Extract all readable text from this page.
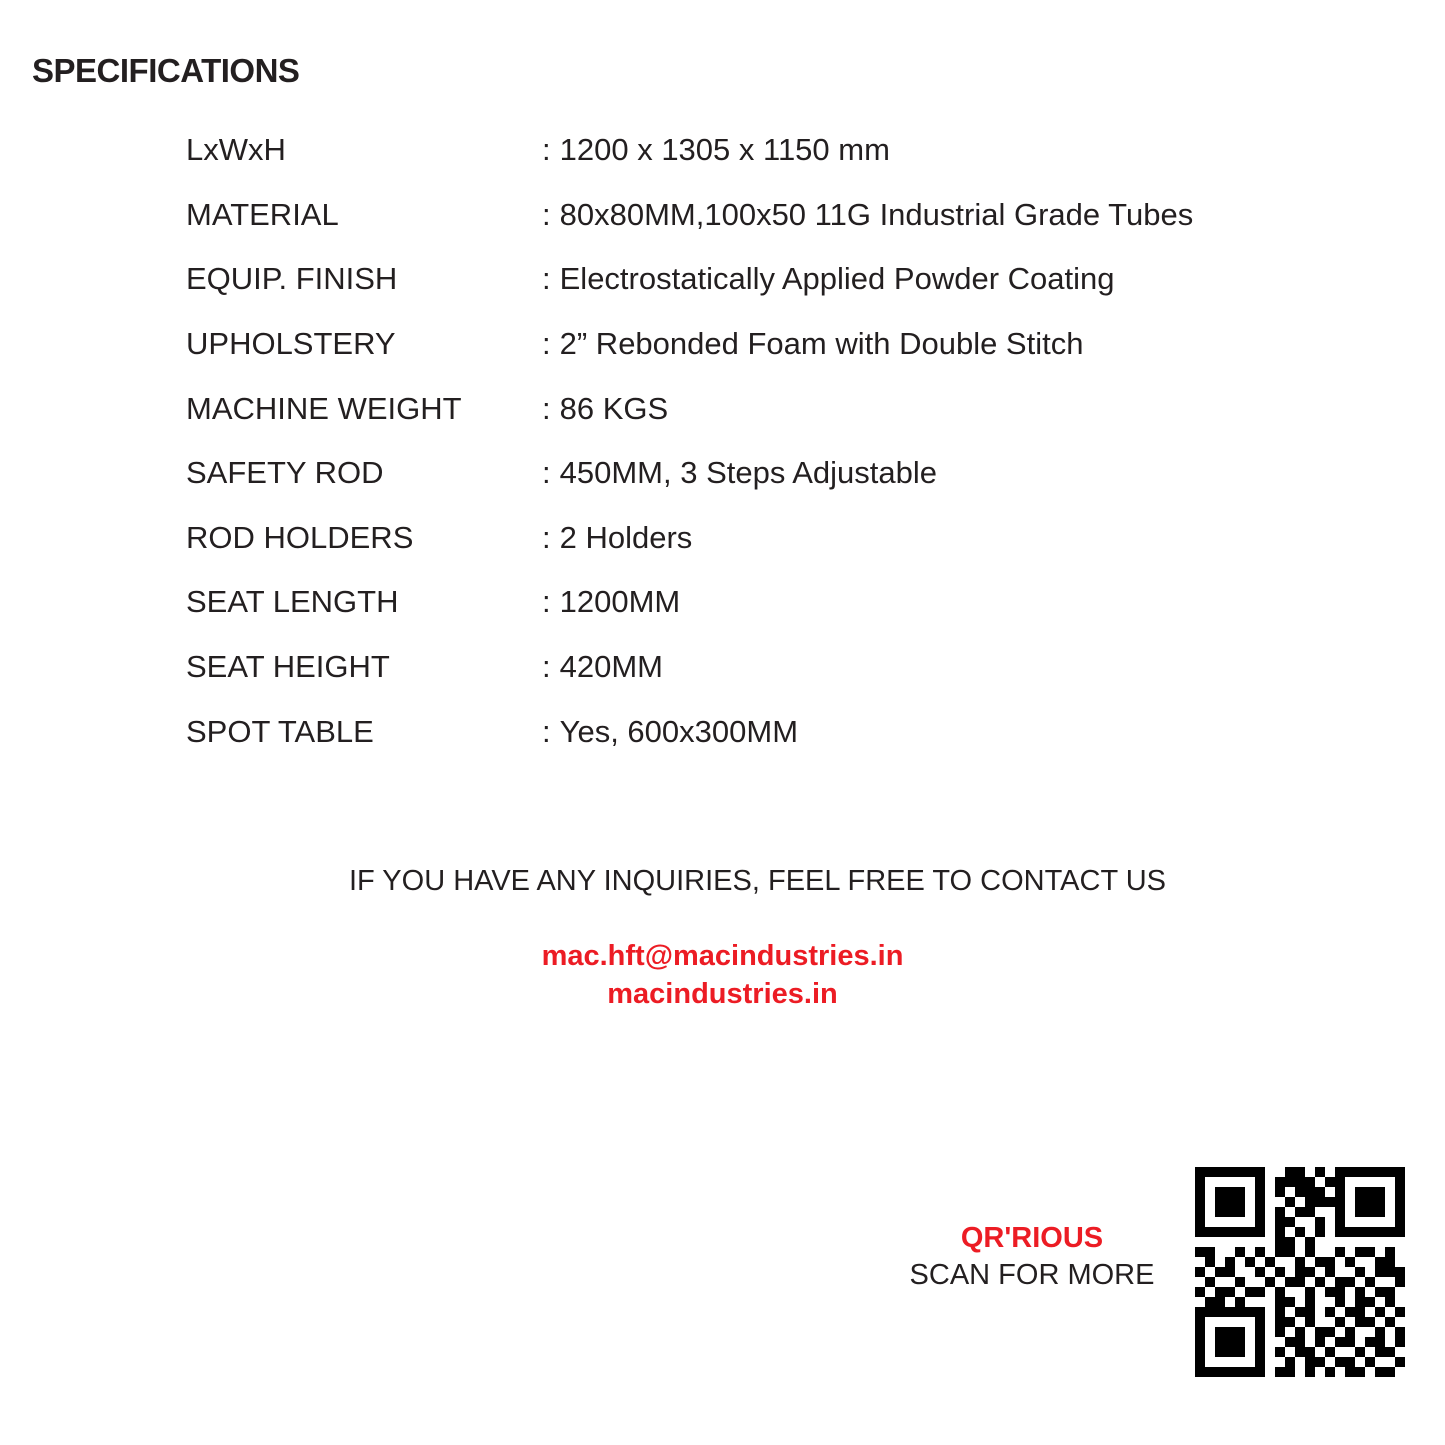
SPECIFICATIONS
LxWxH	: 1200 x 1305 x 1150 mm
MATERIAL	: 80x80MM,100x50 11G Industrial Grade Tubes
EQUIP. FINISH	: Electrostatically Applied Powder Coating
UPHOLSTERY	: 2” Rebonded Foam with Double Stitch
MACHINE WEIGHT	: 86 KGS
SAFETY ROD	: 450MM, 3 Steps Adjustable
ROD HOLDERS	: 2 Holders
SEAT LENGTH	: 1200MM
SEAT HEIGHT	: 420MM
SPOT TABLE	: Yes, 600x300MM
IF YOU HAVE ANY INQUIRIES, FEEL FREE TO CONTACT US
mac.hft@macindustries.in
macindustries.in
QR'RIOUS
SCAN FOR MORE
